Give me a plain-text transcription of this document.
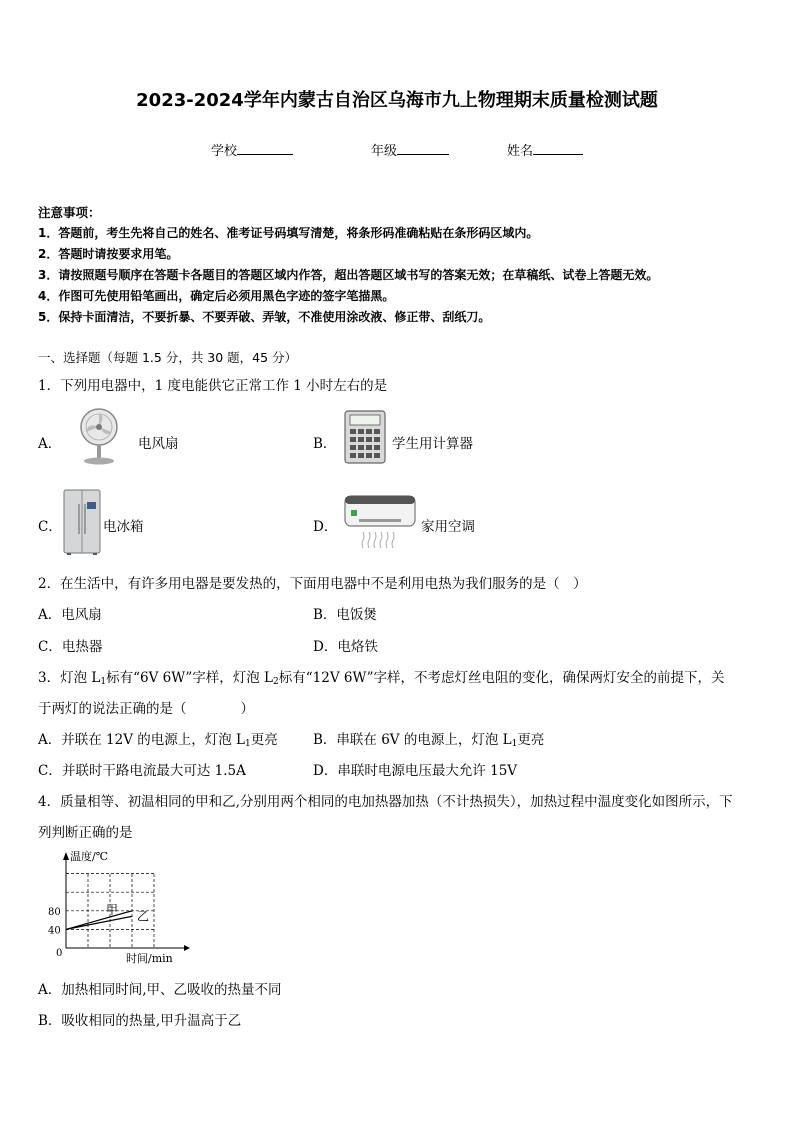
2023-2024学年内蒙古自治区乌海市九上物理期末质量检测试题
学校	年级	姓名
注意事项：
1．答题前，考生先将自己的姓名、准考证号码填写清楚，将条形码准确粘贴在条形码区域内。
2．答题时请按要求用笔。
3．请按照题号顺序在答题卡各题目的答题区域内作答，超出答题区域书写的答案无效；在草稿纸、试卷上答题无效。
4．作图可先使用铅笔画出，确定后必须用黑色字迹的签字笔描黑。
5．保持卡面清洁，不要折暴、不要弄破、弄皱，不准使用涂改液、修正带、刮纸刀。
一、选择题（每题 1.5 分，共 30 题，45 分）
1．下列用电器中，1 度电能供它正常工作 1 小时左右的是
A．	电风扇	B．	学生用计算器
C．	电冰箱	D．	家用空调
2．在生活中，有许多用电器是要发热的，下面用电器中不是利用电热为我们服务的是（　）
A．电风扇	B．电饭煲
C．电热器	D．电烙铁
3．灯泡 $L_1$标有“6V 6W”字样，灯泡 $L_2$标有“12V 6W”字样，不考虑灯丝电阻的变化，确保两灯安全的前提下，关
于两灯的说法正确的是（　　　　）
A．并联在 12V 的电源上，灯泡 $L_1$更亮	B．串联在 6V 的电源上，灯泡 $L_1$更亮
C．并联时干路电流最大可达 1.5A	D．串联时电源电压最大允许 15V
4．质量相等、初温相同的甲和乙,分别用两个相同的电加热器加热（不计热损失），加热过程中温度变化如图所示，下
列判断正确的是
温度/℃
时间/min
0
40
80	甲 乙
A．加热相同时间,甲、乙吸收的热量不同
B．吸收相同的热量,甲升温高于乙
